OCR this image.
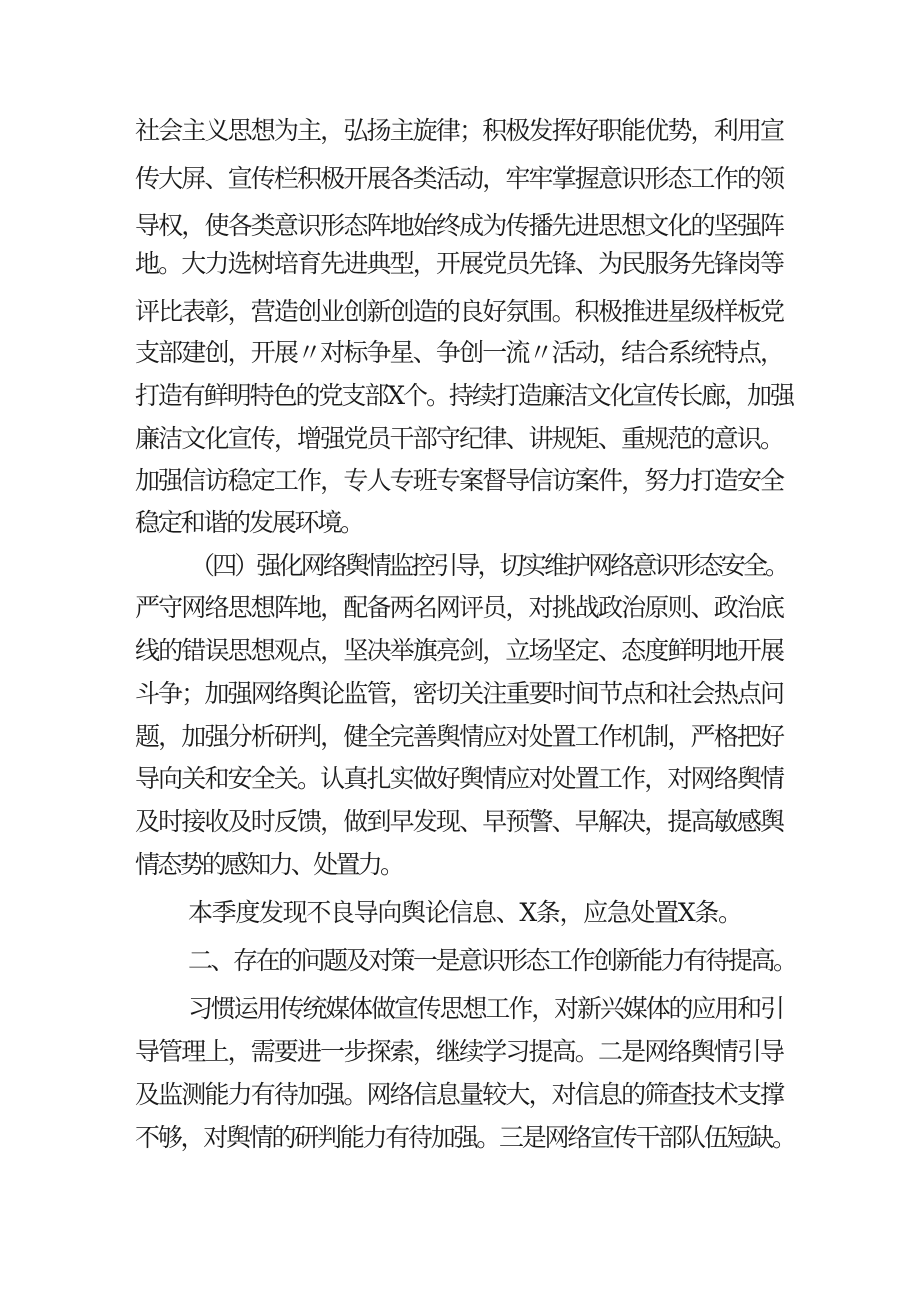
社会主义思想为主，弘扬主旋律；积极发挥好职能优势，利用宣
传大屏、宣传栏积极开展各类活动，牢牢掌握意识形态工作的领
导权，使各类意识形态阵地始终成为传播先进思想文化的坚强阵
地。大力选树培育先进典型，开展党员先锋、为民服务先锋岗等
评比表彰，营造创业创新创造的良好氛围。积极推进星级样板党
支部建创，开展〃对标争星、争创一流〃活动，结合系统特点，
打造有鲜明特色的党支部X个。持续打造廉洁文化宣传长廊，加强
廉洁文化宣传，增强党员干部守纪律、讲规矩、重规范的意识。
加强信访稳定工作，专人专班专案督导信访案件，努力打造安全
稳定和谐的发展环境。
（四）强化网络舆情监控引导，切实维护网络意识形态安全。
严守网络思想阵地，配备两名网评员，对挑战政治原则、政治底
线的错误思想观点，坚决举旗亮剑，立场坚定、态度鲜明地开展
斗争；加强网络舆论监管，密切关注重要时间节点和社会热点问
题，加强分析研判，健全完善舆情应对处置工作机制，严格把好
导向关和安全关。认真扎实做好舆情应对处置工作，对网络舆情
及时接收及时反馈，做到早发现、早预警、早解决，提高敏感舆
情态势的感知力、处置力。
本季度发现不良导向舆论信息、X条，应急处置X条。
二、存在的问题及对策一是意识形态工作创新能力有待提高。
习惯运用传统媒体做宣传思想工作，对新兴媒体的应用和引
导管理上，需要进一步探索，继续学习提高。二是网络舆情引导
及监测能力有待加强。网络信息量较大，对信息的筛查技术支撑
不够，对舆情的研判能力有待加强。三是网络宣传干部队伍短缺。
